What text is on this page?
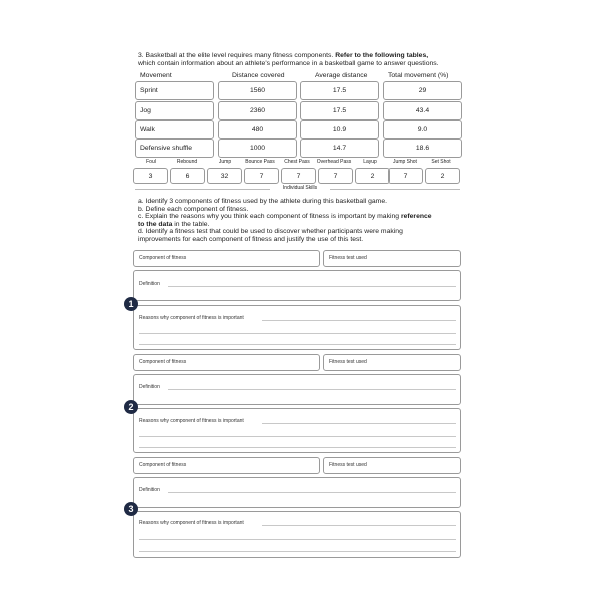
3. Basketball at the elite level requires many fitness components. Refer to the following tables,
which contain information about an athlete's performance in a basketball game to answer questions.
Movement	Distance covered	Average distance	Total movement (%)
Sprint	1560	17.5	29
Jog	2360	17.5	43.4
Walk	480	10.9	9.0
Defensive shuffle	1000	14.7	18.6
Foul	Rebound	Jump	Bounce Pass	Chest Pass	Overhead Pass	Layup	Jump Shot	Set Shot
3	6	32	7	7	7	2	7	2
Individual Skills
a. Identify 3 components of fitness used by the athlete during this basketball game.
b. Define each component of fitness.
c. Explain the reasons why you think each component of fitness is important by making reference
to the data in the table.
d. Identify a fitness test that could be used to discover whether participants were making
improvements for each component of fitness and justify the use of this test.
Component of fitness	Fitness test used
Definition
Reasons why component of fitness is important
1
Component of fitness	Fitness test used
Definition
Reasons why component of fitness is important
2
Component of fitness	Fitness test used
Definition
Reasons why component of fitness is important
3
